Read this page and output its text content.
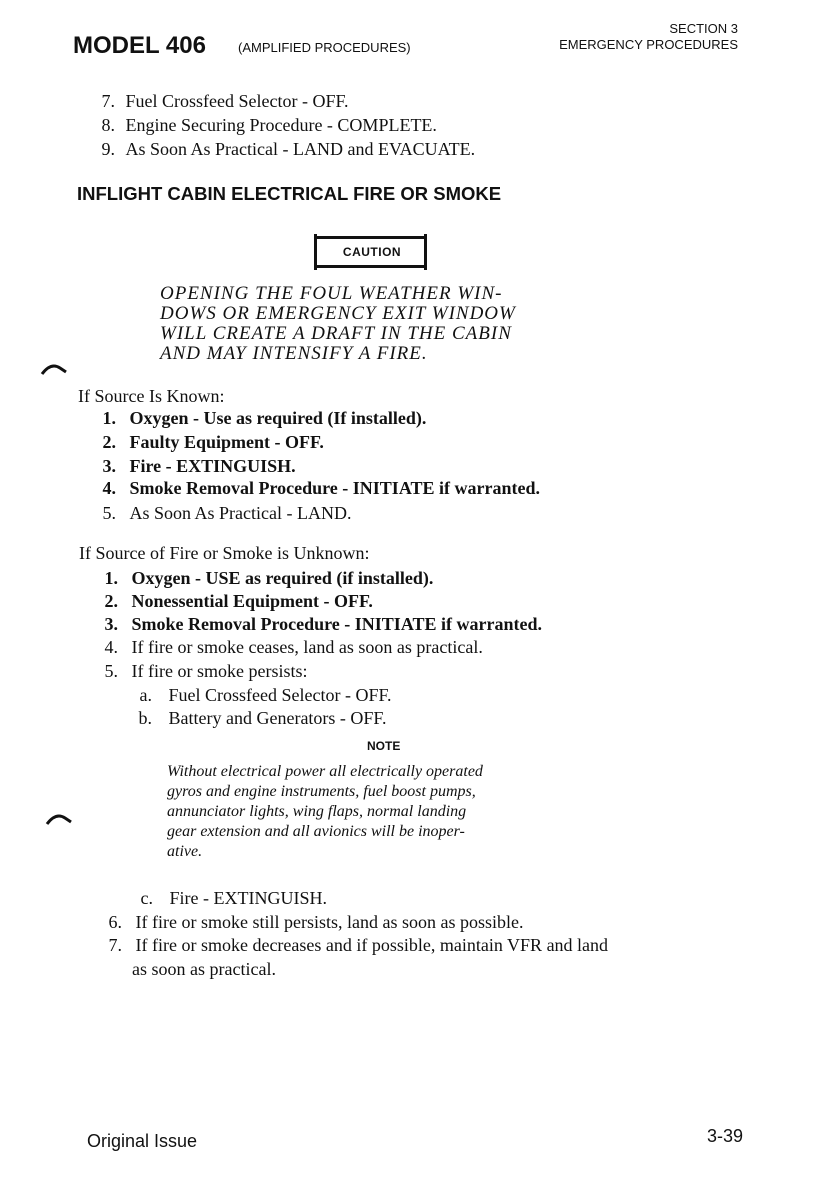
MODEL 406 (AMPLIFIED PROCEDURES)
SECTION 3
EMERGENCY PROCEDURES
7. Fuel Crossfeed Selector - OFF.
8. Engine Securing Procedure - COMPLETE.
9. As Soon As Practical - LAND and EVACUATE.
INFLIGHT CABIN ELECTRICAL FIRE OR SMOKE
CAUTION
OPENING THE FOUL WEATHER WIN-
DOWS OR EMERGENCY EXIT WINDOW
WILL CREATE A DRAFT IN THE CABIN
AND MAY INTENSIFY A FIRE.
If Source Is Known:
1. Oxygen - Use as required (If installed).
2. Faulty Equipment - OFF.
3. Fire - EXTINGUISH.
4. Smoke Removal Procedure - INITIATE if warranted.
5. As Soon As Practical - LAND.
If Source of Fire or Smoke is Unknown:
1. Oxygen - USE as required (if installed).
2. Nonessential Equipment - OFF.
3. Smoke Removal Procedure - INITIATE if warranted.
4. If fire or smoke ceases, land as soon as practical.
5. If fire or smoke persists:
a. Fuel Crossfeed Selector - OFF.
b. Battery and Generators - OFF.
NOTE
Without electrical power all electrically operated
gyros and engine instruments, fuel boost pumps,
annunciator lights, wing flaps, normal landing
gear extension and all avionics will be inoper-
ative.
c. Fire - EXTINGUISH.
6. If fire or smoke still persists, land as soon as possible.
7. If fire or smoke decreases and if possible, maintain VFR and land
as soon as practical.
Original Issue	3-39
